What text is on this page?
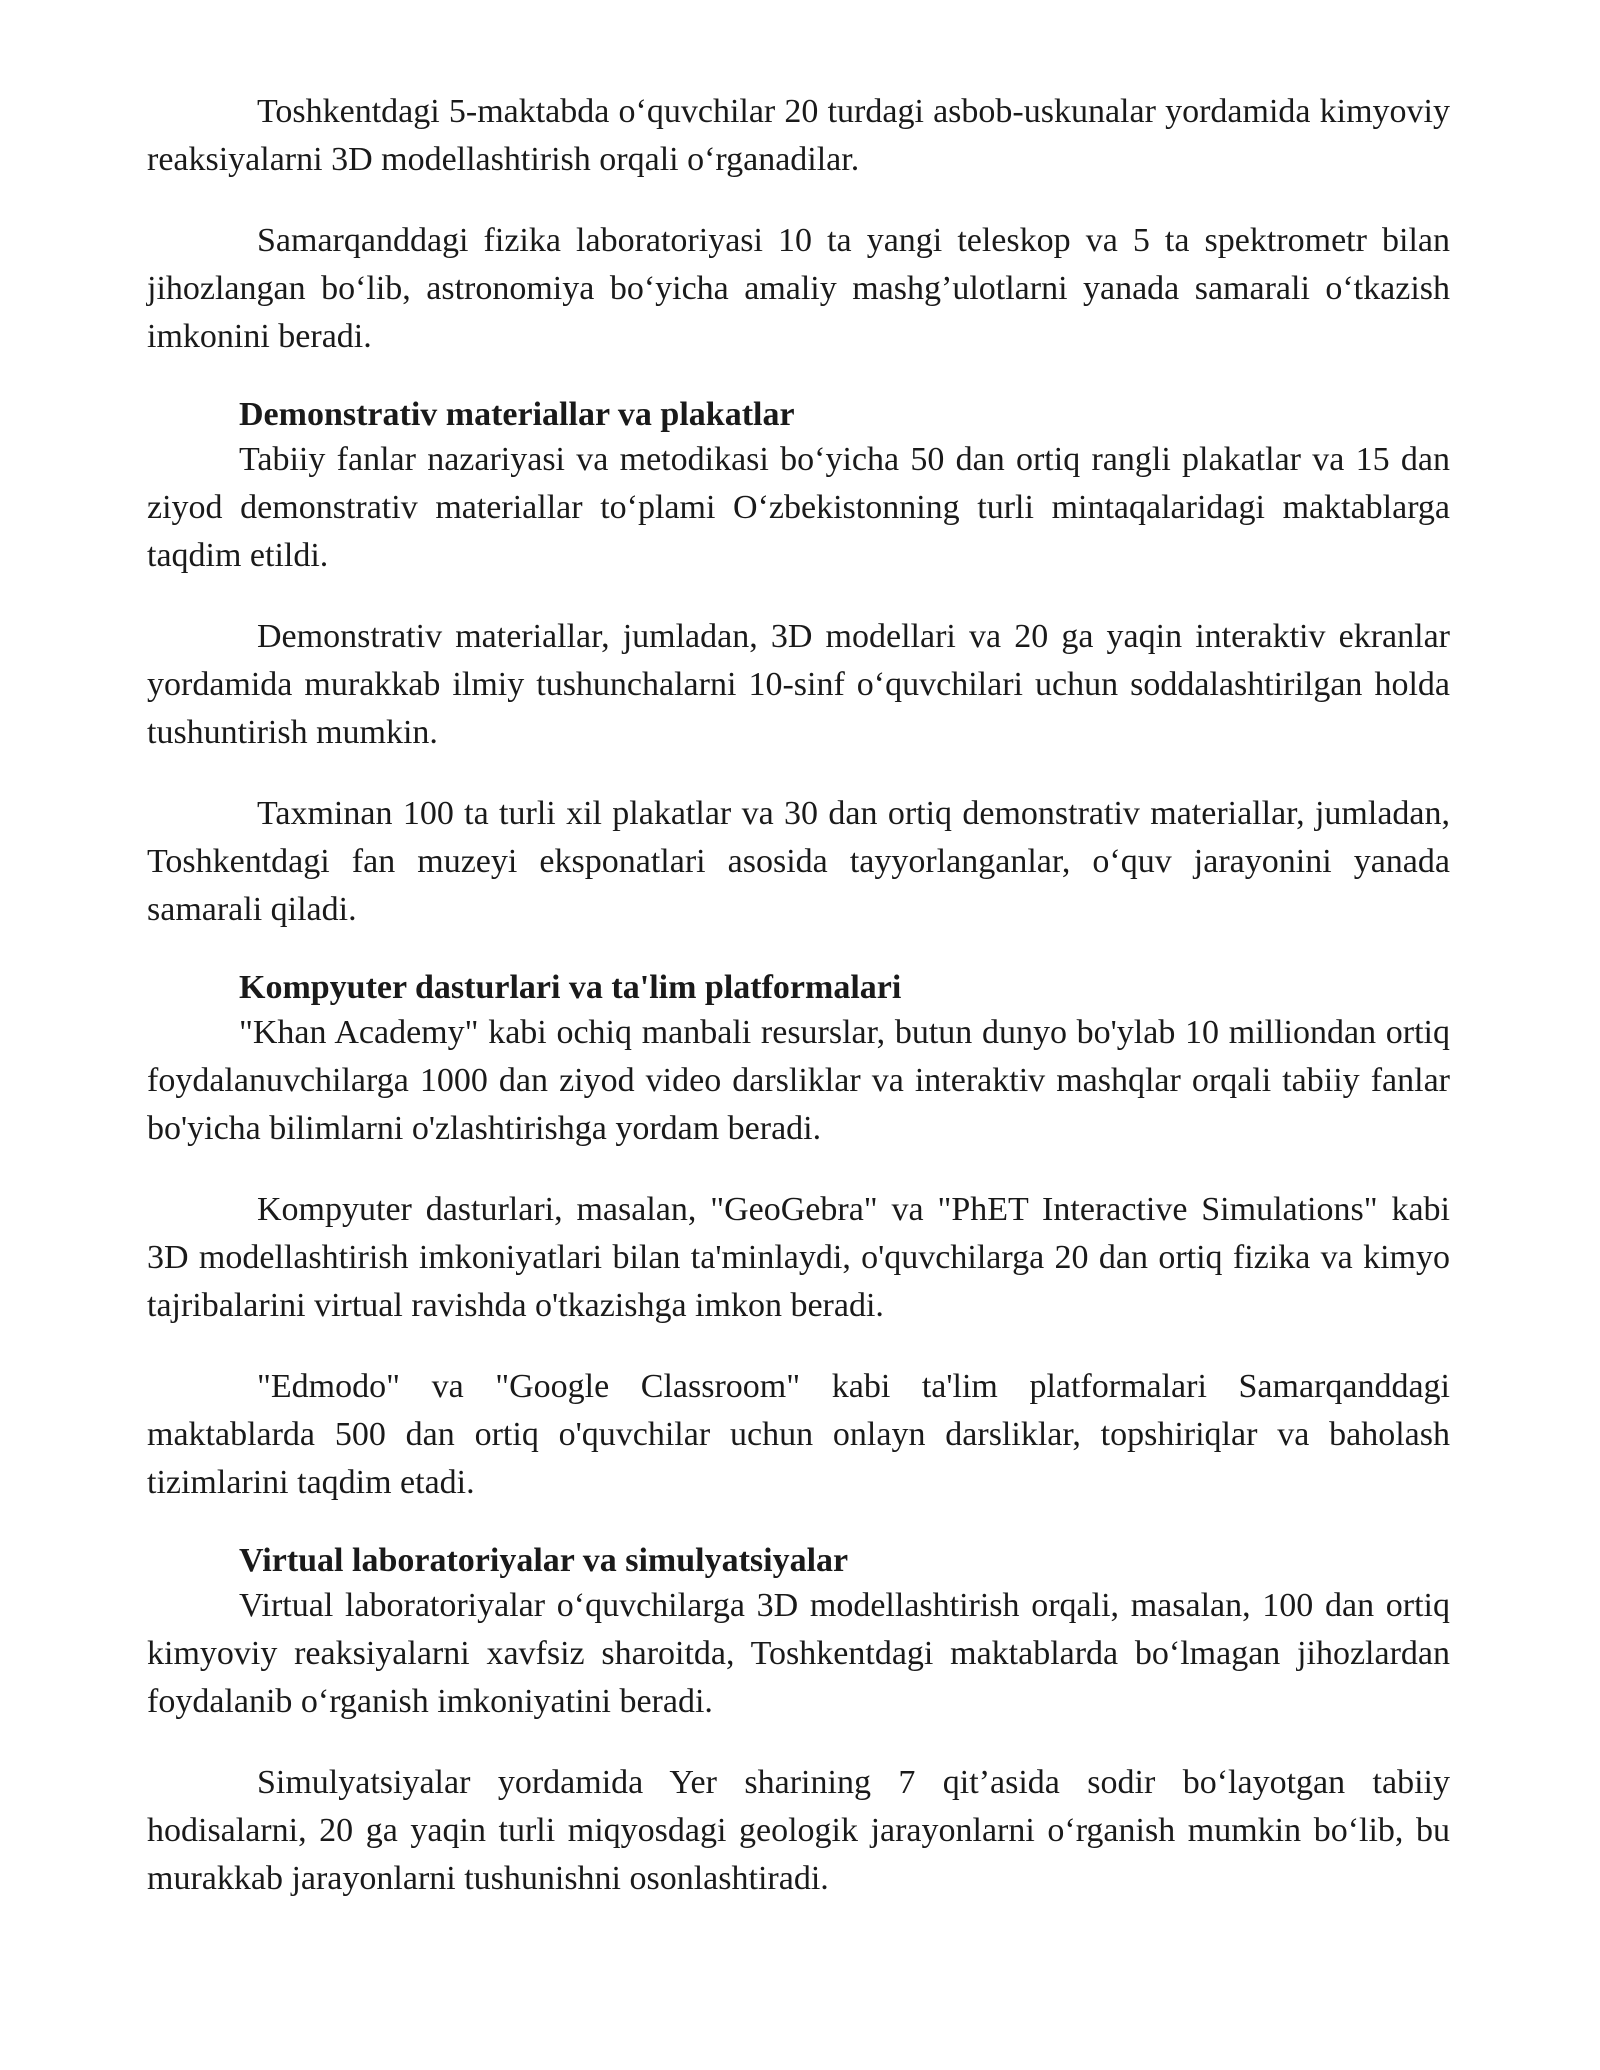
Toshkentdagi 5-maktabda o‘quvchilar 20 turdagi asbob-uskunalar yordamida kimyoviy reaksiyalarni 3D modellashtirish orqali o‘rganadilar.

Samarqanddagi fizika laboratoriyasi 10 ta yangi teleskop va 5 ta spektrometr bilan jihozlangan bo‘lib, astronomiya bo‘yicha amaliy mashg’ulotlarni yanada samarali o‘tkazish imkonini beradi.

Demonstrativ materiallar va plakatlar

Tabiiy fanlar nazariyasi va metodikasi bo‘yicha 50 dan ortiq rangli plakatlar va 15 dan ziyod demonstrativ materiallar to‘plami O‘zbekistonning turli mintaqalaridagi maktablarga taqdim etildi.

Demonstrativ materiallar, jumladan, 3D modellari va 20 ga yaqin interaktiv ekranlar yordamida murakkab ilmiy tushunchalarni 10-sinf o‘quvchilari uchun soddalashtirilgan holda tushuntirish mumkin.

Taxminan 100 ta turli xil plakatlar va 30 dan ortiq demonstrativ materiallar, jumladan, Toshkentdagi fan muzeyi eksponatlari asosida tayyorlanganlar, o‘quv jarayonini yanada samarali qiladi.

Kompyuter dasturlari va ta'lim platformalari

"Khan Academy" kabi ochiq manbali resurslar, butun dunyo bo'ylab 10 milliondan ortiq foydalanuvchilarga 1000 dan ziyod video darsliklar va interaktiv mashqlar orqali tabiiy fanlar bo'yicha bilimlarni o'zlashtirishga yordam beradi.

Kompyuter dasturlari, masalan, "GeoGebra" va "PhET Interactive Simulations" kabi 3D modellashtirish imkoniyatlari bilan ta'minlaydi, o'quvchilarga 20 dan ortiq fizika va kimyo tajribalarini virtual ravishda o'tkazishga imkon beradi.

"Edmodo" va "Google Classroom" kabi ta'lim platformalari Samarqanddagi maktablarda 500 dan ortiq o'quvchilar uchun onlayn darsliklar, topshiriqlar va baholash tizimlarini taqdim etadi.

Virtual laboratoriyalar va simulyatsiyalar

Virtual laboratoriyalar o‘quvchilarga 3D modellashtirish orqali, masalan, 100 dan ortiq kimyoviy reaksiyalarni xavfsiz sharoitda, Toshkentdagi maktablarda bo‘lmagan jihozlardan foydalanib o‘rganish imkoniyatini beradi.

Simulyatsiyalar yordamida Yer sharining 7 qit’asida sodir bo‘layotgan tabiiy hodisalarni, 20 ga yaqin turli miqyosdagi geologik jarayonlarni o‘rganish mumkin bo‘lib, bu murakkab jarayonlarni tushunishni osonlashtiradi.
